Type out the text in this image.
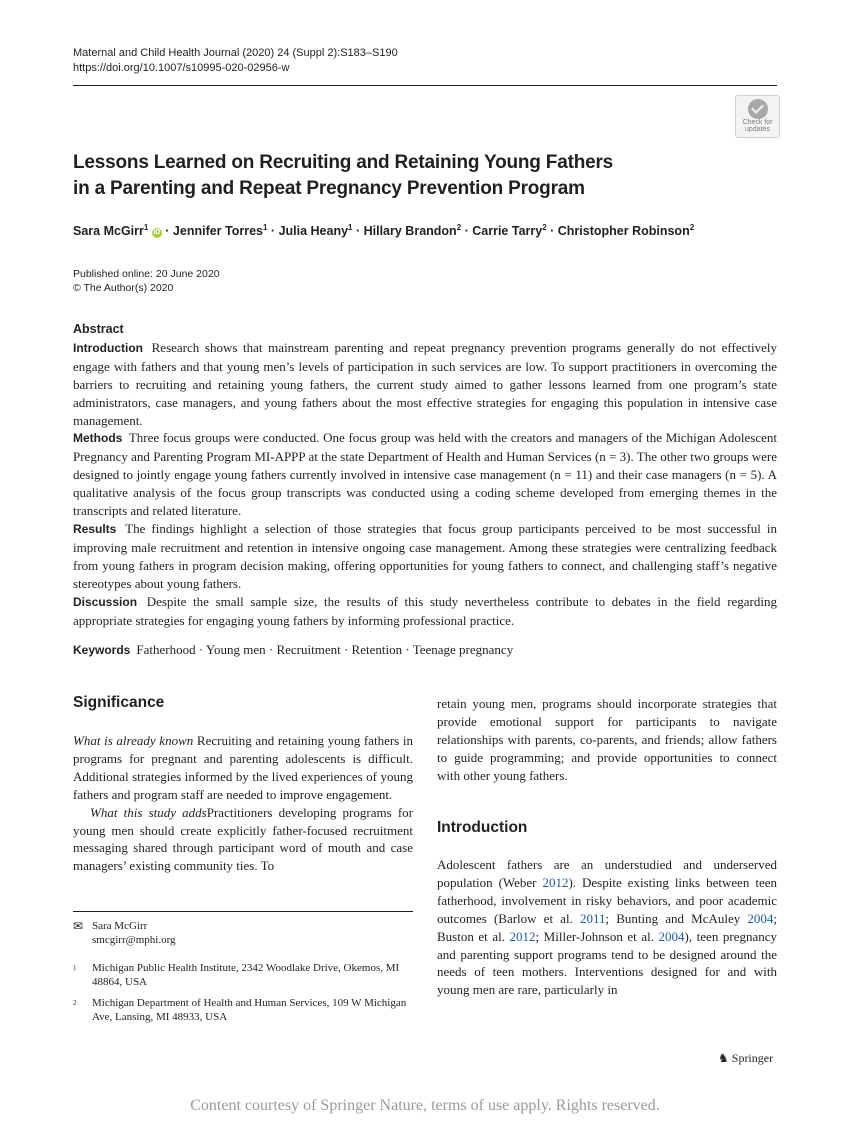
Maternal and Child Health Journal (2020) 24 (Suppl 2):S183–S190
https://doi.org/10.1007/s10995-020-02956-w
Check for
updates
Lessons Learned on Recruiting and Retaining Young Fathers
in a Parenting and Repeat Pregnancy Prevention Program
Sara McGirr$^1$ iD · Jennifer Torres$^1$ · Julia Heany$^1$ · Hillary Brandon$^2$ · Carrie Tarry$^2$ · Christopher Robinson$^2$
Published online: 20 June 2020
© The Author(s) 2020
Abstract

Introduction Research shows that mainstream parenting and repeat pregnancy prevention programs generally do not effectively engage with fathers and that young men’s levels of participation in such services are low. To support practitioners in overcoming the barriers to recruiting and retaining young fathers, the current study aimed to gather lessons learned from one program’s state administrators, case managers, and young fathers about the most effective strategies for engaging this population in intensive case management.

Methods Three focus groups were conducted. One focus group was held with the creators and managers of the Michigan Adolescent Pregnancy and Parenting Program MI-APPP at the state Department of Health and Human Services (n = 3). The other two groups were designed to jointly engage young fathers currently involved in intensive case management (n = 11) and their case managers (n = 5). A qualitative analysis of the focus group transcripts was conducted using a coding scheme developed from emerging themes in the transcripts and related literature.

Results The findings highlight a selection of those strategies that focus group participants perceived to be most successful in improving male recruitment and retention in intensive ongoing case management. Among these strategies were centralizing feedback from young fathers in program decision making, offering opportunities for young fathers to connect, and challenging staff’s negative stereotypes about young fathers.

Discussion Despite the small sample size, the results of this study nevertheless contribute to debates in the field regarding appropriate strategies for engaging young fathers by informing professional practice.

Keywords Fatherhood · Young men · Recruitment · Retention · Teenage pregnancy
Significance

What is already known Recruiting and retaining young fathers in programs for pregnant and parenting adolescents is difficult. Additional strategies informed by the lived experiences of young fathers and program staff are needed to improve engagement.

What this study addsPractitioners developing programs for young men should create explicitly father-focused recruitment messaging shared through participant word of mouth and case managers’ existing community ties. To

✉ Sara McGirr
smcgirr@mphi.org
1 Michigan Public Health Institute, 2342 Woodlake Drive, Okemos, MI 48864, USA
2 Michigan Department of Health and Human Services, 109 W Michigan Ave, Lansing, MI 48933, USA
retain young men, programs should incorporate strategies that provide emotional support for participants to navigate relationships with parents, co-parents, and friends; allow fathers to guide programming; and provide opportunities to connect with other young fathers.
Introduction
Adolescent fathers are an understudied and underserved population (Weber 2012). Despite existing links between teen fatherhood, involvement in risky behaviors, and poor academic outcomes (Barlow et al. 2011; Bunting and McAuley 2004; Buston et al. 2012; Miller-Johnson et al. 2004), teen pregnancy and parenting support programs tend to be designed around the needs of teen mothers. Interventions designed for and with young men are rare, particularly in
♞ Springer
Content courtesy of Springer Nature, terms of use apply. Rights reserved.
